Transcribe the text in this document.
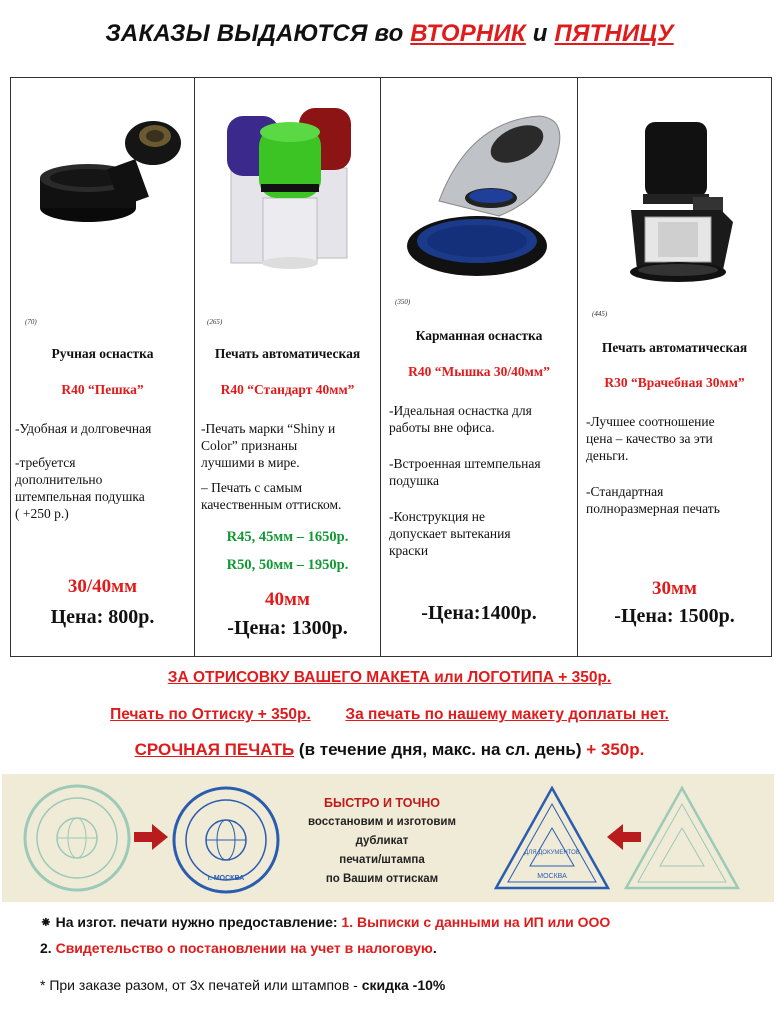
ЗАКАЗЫ ВЫДАЮТСЯ во ВТОРНИК и ПЯТНИЦУ
(70)
Ручная оснастка
R40 “Пешка”
-Удобная и долговечная
-требуется
дополнительно
штемпельная подушка
( +250 р.)
30/40мм
Цена: 800р.
(265)
Печать автоматическая
R40 “Стандарт 40мм”
-Печать марки “Shiny и
Color” признаны
лучшими в мире.
– Печать с самым
качественным оттиском.
R45, 45мм – 1650р.
R50, 50мм – 1950р.
40мм
-Цена: 1300р.
(350)
Карманная оснастка
R40 “Мышка 30/40мм”
-Идеальная оснастка для
работы вне офиса.
-Встроенная штемпельная
подушка
-Конструкция не
допускает вытекания
краски
-Цена:1400р.
(445)
Печать автоматическая
R30 “Врачебная 30мм”
-Лучшее соотношение
цена – качество за эти
деньги.
-Стандартная
полноразмерная печать
30мм
-Цена: 1500р.
ЗА ОТРИСОВКУ ВАШЕГО МАКЕТА или ЛОГОТИПА + 350р.
Печать по Оттиску + 350р. За печать по нашему макету доплаты нет.
СРОЧНАЯ ПЕЧАТЬ (в течение дня, макс. на сл. день) + 350р.
г. МОСКВА
БЫСТРО И ТОЧНО
восстановим и изготовим
дубликат
печати/штампа
по Вашим оттискам
ДЛЯ ДОКУМЕНТОВ
МОСКВА
⁕ На изгот. печати нужно предоставление: 1. Выписки с данными на ИП или ООО
2. Свидетельство о постановлении на учет в налоговую.
* При заказе разом, от 3х печатей или штампов - скидка -10%
